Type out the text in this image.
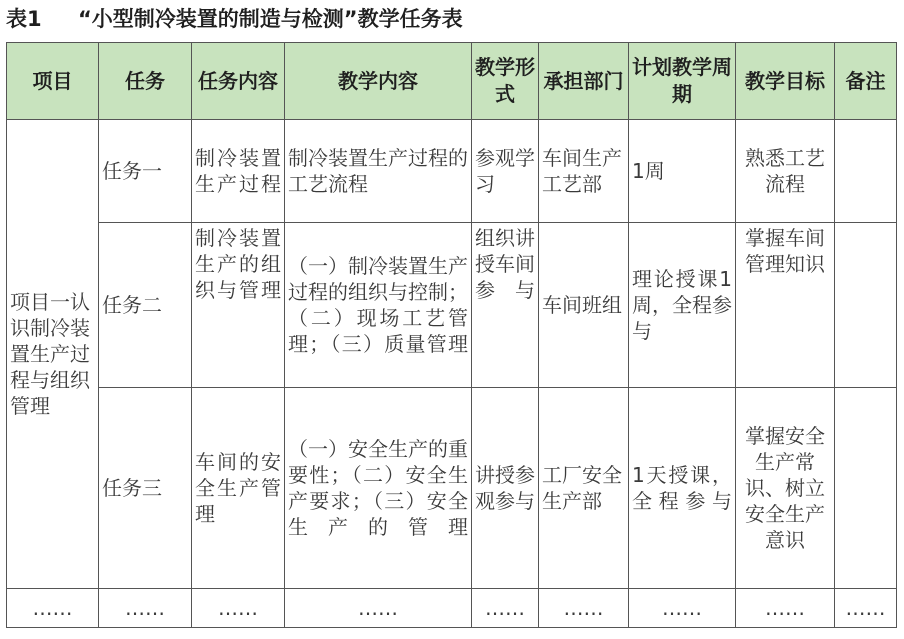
表1 “小型制冷装置的制造与检测”教学任务表
项目	任务	任务内容	教学内容	教学形式	承担部门	计划教学周期	教学目标	备注
项目一认识制冷装置生产过程与组织管理	任务一	制冷装置生产过程	制冷装置生产过程的工艺流程	参观学习	车间生产工艺部	1周	熟悉工艺流程	
	任务二	制冷装置生产的组织与管理	（一）制冷装置生产过程的组织与控制；（二）现场工艺管理；（三）质量管理	组织讲授车间参与	车间班组	理论授课1周，全程参与	掌握车间管理知识	
	任务三	车间的安全生产管理	（一）安全生产的重要性；（二）安全生产要求；（三）安全生产的管理	讲授参观参与	工厂安全生产部	1天授课，全程参与	掌握安全生产常识、树立安全生产意识	
……	……	……	……	……	……	……	……	……
